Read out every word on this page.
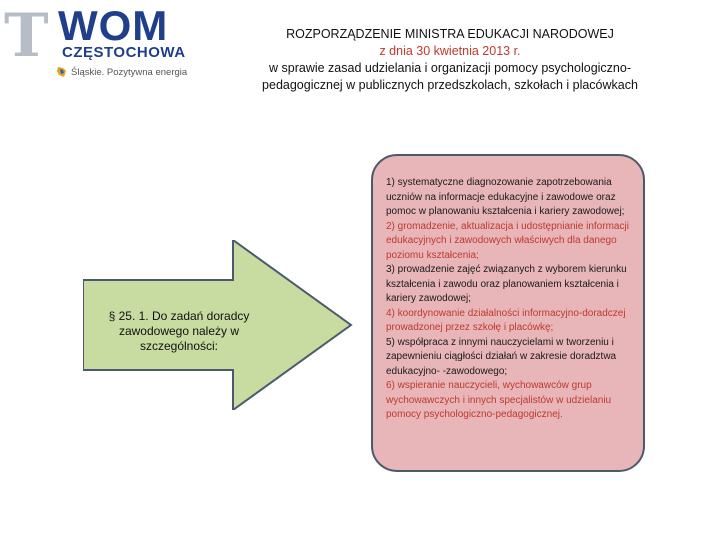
T WOM
CZĘSTOCHOWA
Śląskie. Pozytywna energia
ROZPORZĄDZENIE MINISTRA EDUKACJI NARODOWEJ
z dnia 30 kwietnia 2013 r.
w sprawie zasad udzielania i organizacji pomocy psychologiczno-
pedagogicznej w publicznych przedszkolach, szkołach i placówkach
§ 25. 1. Do zadań doradcy zawodowego należy w szczególności:
1) systematyczne diagnozowanie zapotrzebowania uczniów na informacje edukacyjne i zawodowe oraz pomoc w planowaniu kształcenia i kariery zawodowej;
2) gromadzenie, aktualizacja i udostępnianie informacji edukacyjnych i zawodowych właściwych dla danego poziomu kształcenia;
3) prowadzenie zajęć związanych z wyborem kierunku kształcenia i zawodu oraz planowaniem kształcenia i kariery zawodowej;
4) koordynowanie działalności informacyjno-doradczej prowadzonej przez szkołę i placówkę;
5) współpraca z innymi nauczycielami w tworzeniu i zapewnieniu ciągłości działań w zakresie doradztwa edukacyjno- -zawodowego;
6) wspieranie nauczycieli, wychowawców grup wychowawczych i innych specjalistów w udzielaniu pomocy psychologiczno-pedagogicznej.
